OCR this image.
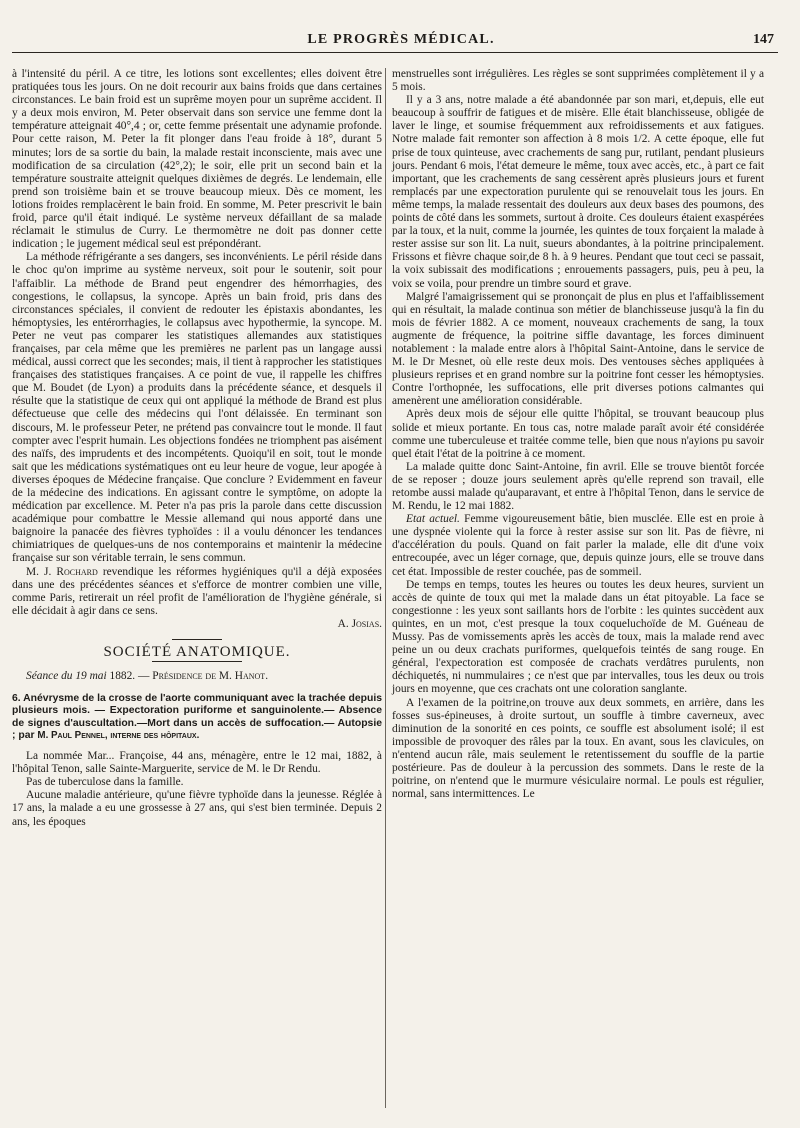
LE PROGRÈS MÉDICAL.	147

à l'intensité du péril. A ce titre, les lotions sont excellentes; elles doivent être pratiquées tous les jours. On ne doit recourir aux bains froids que dans certaines circonstances. Le bain froid est un suprême moyen pour un suprême accident. Il y a deux mois environ, M. Peter observait dans son service une femme dont la température atteignait 40°,4 ; or, cette femme présentait une adynamie profonde. Pour cette raison, M. Peter la fit plonger dans l'eau froide à 18°, durant 5 minutes; lors de sa sortie du bain, la malade restait inconsciente, mais avec une modification de sa circulation (42°,2); le soir, elle prit un second bain et la température soustraite atteignit quelques dixièmes de degrés. Le lendemain, elle prend son troisième bain et se trouve beaucoup mieux. Dès ce moment, les lotions froides remplacèrent le bain froid. En somme, M. Peter prescrivit le bain froid, parce qu'il était indiqué. Le système nerveux défaillant de sa malade réclamait le stimulus de Curry. Le thermomètre ne doit pas donner cette indication ; le jugement médical seul est prépondérant.

La méthode réfrigérante a ses dangers, ses inconvénients. Le péril réside dans le choc qu'on imprime au système nerveux, soit pour le soutenir, soit pour l'affaiblir. La méthode de Brand peut engendrer des hémorrhagies, des congestions, le collapsus, la syncope. Après un bain froid, pris dans des circonstances spéciales, il convient de redouter les épistaxis abondantes, les hémoptysies, les entérorrhagies, le collapsus avec hypothermie, la syncope. M. Peter ne veut pas comparer les statistiques allemandes aux statistiques françaises, par cela même que les premières ne parlent pas un langage aussi médical, aussi correct que les secondes; mais, il tient à rapprocher les statistiques françaises des statistiques françaises. A ce point de vue, il rappelle les chiffres que M. Boudet (de Lyon) a produits dans la précédente séance, et desquels il résulte que la statistique de ceux qui ont appliqué la méthode de Brand est plus défectueuse que celle des médecins qui l'ont délaissée. En terminant son discours, M. le professeur Peter, ne prétend pas convaincre tout le monde. Il faut compter avec l'esprit humain. Les objections fondées ne triomphent pas aisément des naïfs, des imprudents et des incompétents. Quoiqu'il en soit, tout le monde sait que les médications systématiques ont eu leur heure de vogue, leur apogée à diverses époques de Médecine française. Que conclure ? Evidemment en faveur de la médecine des indications. En agissant contre le symptôme, on adopte la médication par excellence. M. Peter n'a pas pris la parole dans cette discussion académique pour combattre le Messie allemand qui nous apporté dans une baignoire la panacée des fièvres typhoïdes : il a voulu dénoncer les tendances chimiatriques de quelques-uns de nos contemporains et maintenir la médecine française sur son véritable terrain, le sens commun.

M. J. Rochard revendique les réformes hygiéniques qu'il a déjà exposées dans une des précédentes séances et s'efforce de montrer combien une ville, comme Paris, retirerait un réel profit de l'amélioration de l'hygiène générale, si elle décidait à agir dans ce sens.

A. Josias.

SOCIÉTÉ ANATOMIQUE.

Séance du 19 mai 1882. — Présidence de M. Hanot.

6. Anévrysme de la crosse de l'aorte communiquant avec la trachée depuis plusieurs mois. — Expectoration puriforme et sanguinolente.— Absence de signes d'auscultation.—Mort dans un accès de suffocation.— Autopsie ; par M. Paul Pennel, interne des hôpitaux.

La nommée Mar... Françoise, 44 ans, ménagère, entre le 12 mai, 1882, à l'hôpital Tenon, salle Sainte-Marguerite, service de M. le Dr Rendu.

Pas de tuberculose dans la famille.

Aucune maladie antérieure, qu'une fièvre typhoïde dans la jeunesse. Réglée à 17 ans, la malade a eu une grossesse à 27 ans, qui s'est bien terminée. Depuis 2 ans, les époques

menstruelles sont irrégulières. Les règles se sont supprimées complètement il y a 5 mois.

Il y a 3 ans, notre malade a été abandonnée par son mari, et,depuis, elle eut beaucoup à souffrir de fatigues et de misère. Elle était blanchisseuse, obligée de laver le linge, et soumise fréquemment aux refroidissements et aux fatigues. Notre malade fait remonter son affection à 8 mois 1/2. A cette époque, elle fut prise de toux quinteuse, avec crachements de sang pur, rutilant, pendant plusieurs jours. Pendant 6 mois, l'état demeure le même, toux avec accès, etc., à part ce fait important, que les crachements de sang cessèrent après plusieurs jours et furent remplacés par une expectoration purulente qui se renouvelait tous les jours. En même temps, la malade ressentait des douleurs aux deux bases des poumons, des points de côté dans les sommets, surtout à droite. Ces douleurs étaient exaspérées par la toux, et la nuit, comme la journée, les quintes de toux forçaient la malade à rester assise sur son lit. La nuit, sueurs abondantes, à la poitrine principalement. Frissons et fièvre chaque soir,de 8 h. à 9 heures. Pendant que tout ceci se passait, la voix subissait des modifications ; enrouements passagers, puis, peu à peu, la voix se voila, pour prendre un timbre sourd et grave.

Malgré l'amaigrissement qui se prononçait de plus en plus et l'affaiblissement qui en résultait, la malade continua son métier de blanchisseuse jusqu'à la fin du mois de février 1882. A ce moment, nouveaux crachements de sang, la toux augmente de fréquence, la poitrine siffle davantage, les forces diminuent notablement : la malade entre alors à l'hôpital Saint-Antoine, dans le service de M. le Dr Mesnet, où elle reste deux mois. Des ventouses sèches appliquées à plusieurs reprises et en grand nombre sur la poitrine font cesser les hémoptysies. Contre l'orthopnée, les suffocations, elle prit diverses potions calmantes qui amenèrent une amélioration considérable.

Après deux mois de séjour elle quitte l'hôpital, se trouvant beaucoup plus solide et mieux portante. En tous cas, notre malade paraît avoir été considérée comme une tuberculeuse et traitée comme telle, bien que nous n'ayions pu savoir quel était l'état de la poitrine à ce moment.

La malade quitte donc Saint-Antoine, fin avril. Elle se trouve bientôt forcée de se reposer ; douze jours seulement après qu'elle reprend son travail, elle retombe aussi malade qu'auparavant, et entre à l'hôpital Tenon, dans le service de M. Rendu, le 12 mai 1882.

Etat actuel. Femme vigoureusement bâtie, bien musclée. Elle est en proie à une dyspnée violente qui la force à rester assise sur son lit. Pas de fièvre, ni d'accélération du pouls. Quand on fait parler la malade, elle dit d'une voix entrecoupée, avec un léger cornage, que, depuis quinze jours, elle se trouve dans cet état. Impossible de rester couchée, pas de sommeil.

De temps en temps, toutes les heures ou toutes les deux heures, survient un accès de quinte de toux qui met la malade dans un état pitoyable. La face se congestionne : les yeux sont saillants hors de l'orbite : les quintes succèdent aux quintes, en un mot, c'est presque la toux coqueluchoïde de M. Guéneau de Mussy. Pas de vomissements après les accès de toux, mais la malade rend avec peine un ou deux crachats puriformes, quelquefois teintés de sang rouge. En général, l'expectoration est composée de crachats verdâtres purulents, non déchiquetés, ni nummulaires ; ce n'est que par intervalles, tous les deux ou trois jours en moyenne, que ces crachats ont une coloration sanglante.

A l'examen de la poitrine,on trouve aux deux sommets, en arrière, dans les fosses sus-épineuses, à droite surtout, un souffle à timbre caverneux, avec diminution de la sonorité en ces points, ce souffle est absolument isolé; il est impossible de provoquer des râles par la toux. En avant, sous les clavicules, on n'entend aucun râle, mais seulement le retentissement du souffle de la partie postérieure. Pas de douleur à la percussion des sommets. Dans le reste de la poitrine, on n'entend que le murmure vésiculaire normal. Le pouls est régulier, normal, sans intermittences. Le
